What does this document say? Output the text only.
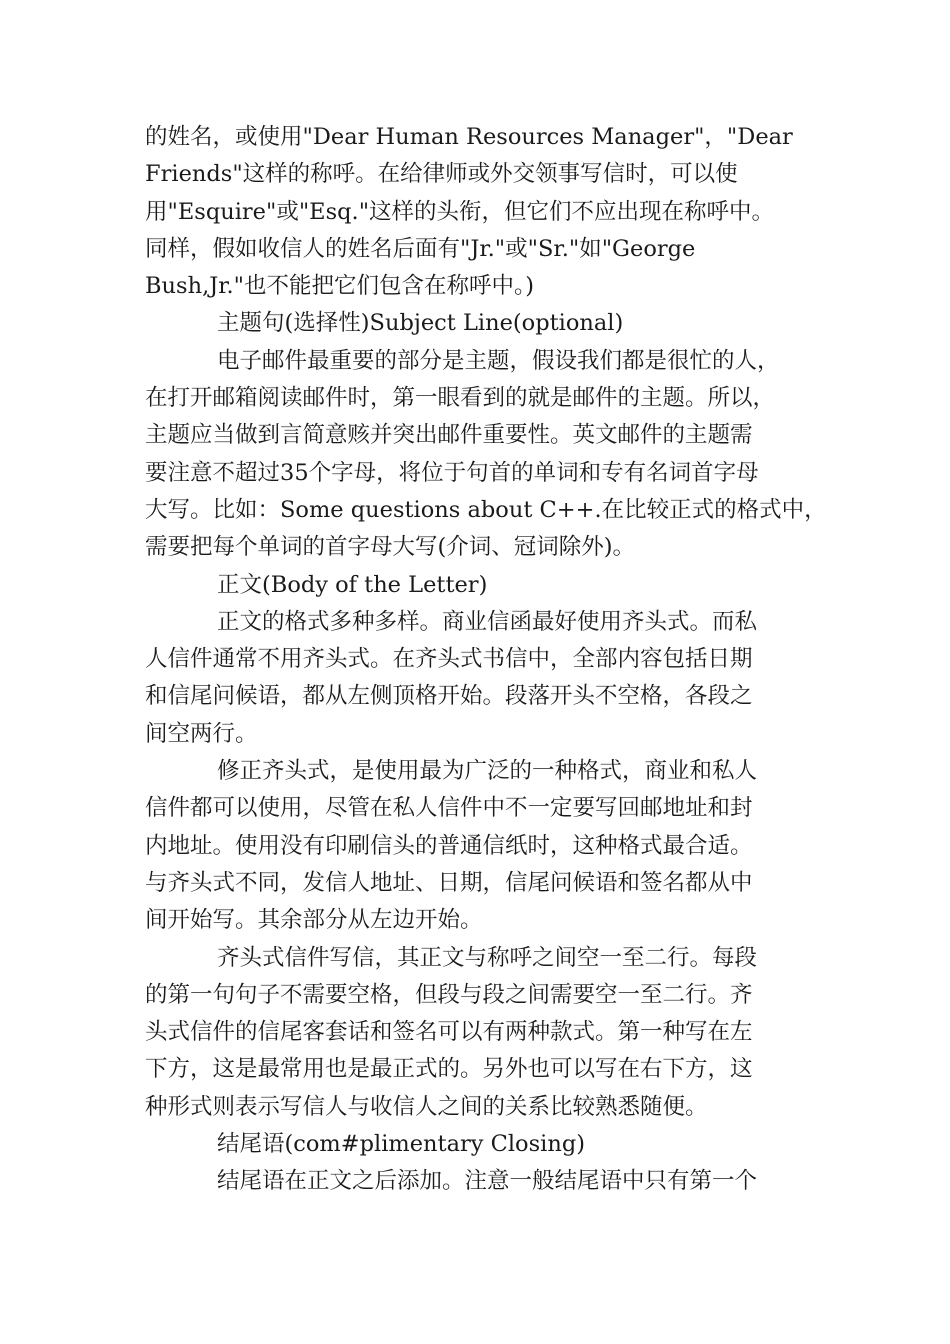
的姓名，或使用"Dear Human Resources Manager"，"Dear
Friends"这样的称呼。在给律师或外交领事写信时，可以使
用"Esquire"或"Esq."这样的头衔，但它们不应出现在称呼中。
同样，假如收信人的姓名后面有"Jr."或"Sr."如"George
Bush,Jr."也不能把它们包含在称呼中。)
主题句(选择性)Subject Line(optional)
电子邮件最重要的部分是主题，假设我们都是很忙的人，
在打开邮箱阅读邮件时，第一眼看到的就是邮件的主题。所以，
主题应当做到言简意赅并突出邮件重要性。英文邮件的主题需
要注意不超过35个字母，将位于句首的单词和专有名词首字母
大写。比如：Some questions about C++.在比较正式的格式中，
需要把每个单词的首字母大写(介词、冠词除外)。
正文(Body of the Letter)
正文的格式多种多样。商业信函最好使用齐头式。而私
人信件通常不用齐头式。在齐头式书信中，全部内容包括日期
和信尾问候语，都从左侧顶格开始。段落开头不空格，各段之
间空两行。
修正齐头式，是使用最为广泛的一种格式，商业和私人
信件都可以使用，尽管在私人信件中不一定要写回邮地址和封
内地址。使用没有印刷信头的普通信纸时，这种格式最合适。
与齐头式不同，发信人地址、日期，信尾问候语和签名都从中
间开始写。其余部分从左边开始。
齐头式信件写信，其正文与称呼之间空一至二行。每段
的第一句句子不需要空格，但段与段之间需要空一至二行。齐
头式信件的信尾客套话和签名可以有两种款式。第一种写在左
下方，这是最常用也是最正式的。另外也可以写在右下方，这
种形式则表示写信人与收信人之间的关系比较熟悉随便。
结尾语(com#plimentary Closing)
结尾语在正文之后添加。注意一般结尾语中只有第一个
